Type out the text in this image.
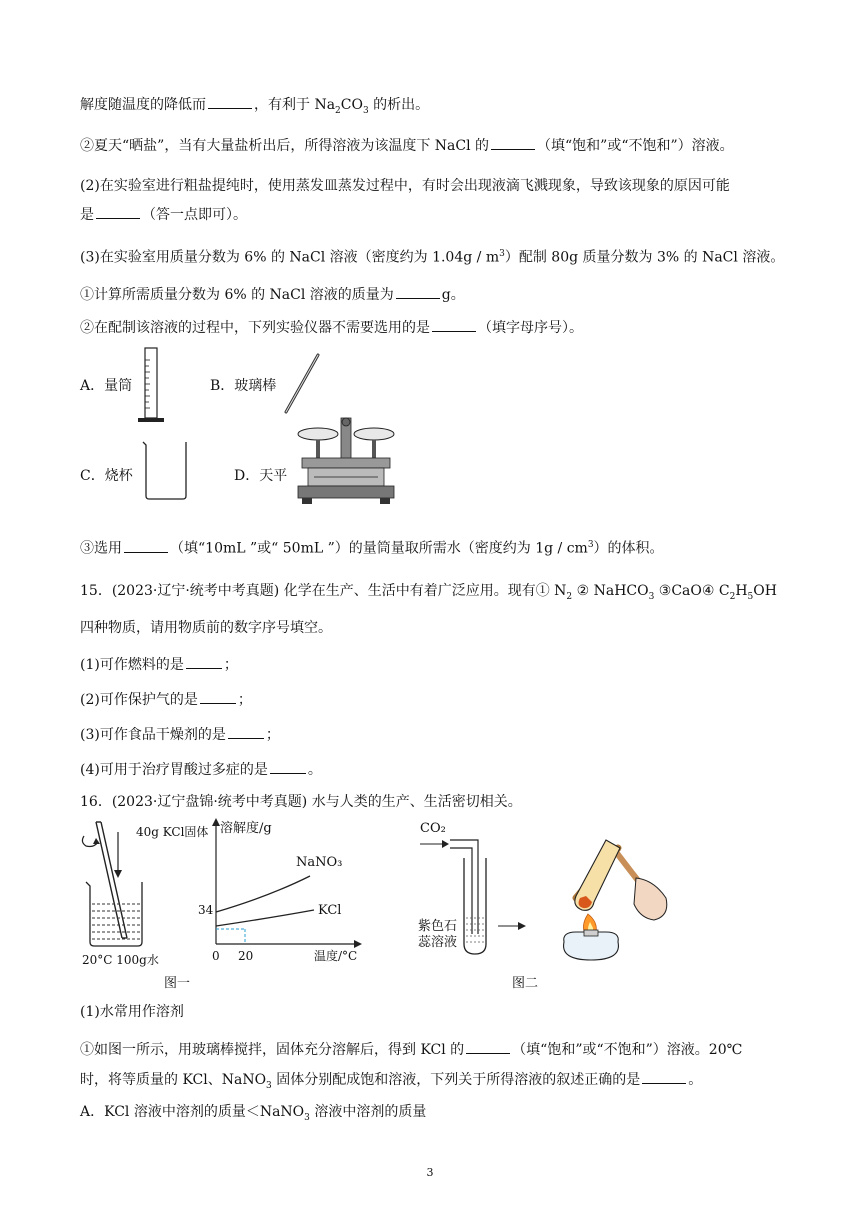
解度随温度的降低而	，有利于 $Na_2CO_3$ 的析出。
②夏天“晒盐”，当有大量盐析出后，所得溶液为该温度下 NaCl 的	（填“饱和”或“不饱和”）溶液。
(2)在实验室进行粗盐提纯时，使用蒸发皿蒸发过程中，有时会出现液滴飞溅现象，导致该现象的原因可能
是	（答一点即可）。
(3)在实验室用质量分数为 6% 的 NaCl 溶液（密度约为 $1.04g / m^3$）配制 80g 质量分数为 3% 的 NaCl 溶液。
①计算所需质量分数为 6% 的 NaCl 溶液的质量为	g。
②在配制该溶液的过程中，下列实验仪器不需要选用的是	（填字母序号）。
A．量筒	B．玻璃棒
C．烧杯	D．天平
③选用	（填“10mL ”或“ 50mL ”）的量筒量取所需水（密度约为 $1g / cm^3$）的体积。
15．(2023·辽宁·统考中考真题) 化学在生产、生活中有着广泛应用。现有① $N_2$ ② NaHCO$_3$ ③CaO④ $C_2H_5OH$
四种物质，请用物质前的数字序号填空。
(1)可作燃料的是	；
(2)可作保护气的是	；
(3)可作食品干燥剂的是	；
(4)可用于治疗胃酸过多症的是	。
16．(2023·辽宁盘锦·统考中考真题) 水与人类的生产、生活密切相关。
40g KCl固体
20°C 100g水
溶解度/g
NaNO₃
KCl
34
0 20	温度/°C
图一
CO₂
紫色石
蕊溶液
图二
(1)水常用作溶剂
①如图一所示，用玻璃棒搅拌，固体充分溶解后，得到 KCl 的	（填“饱和”或“不饱和”）溶液。20℃
时，将等质量的 KCl、NaNO$_3$ 固体分别配成饱和溶液，下列关于所得溶液的叙述正确的是	。
A．KCl 溶液中溶剂的质量＜NaNO$_3$ 溶液中溶剂的质量
3
